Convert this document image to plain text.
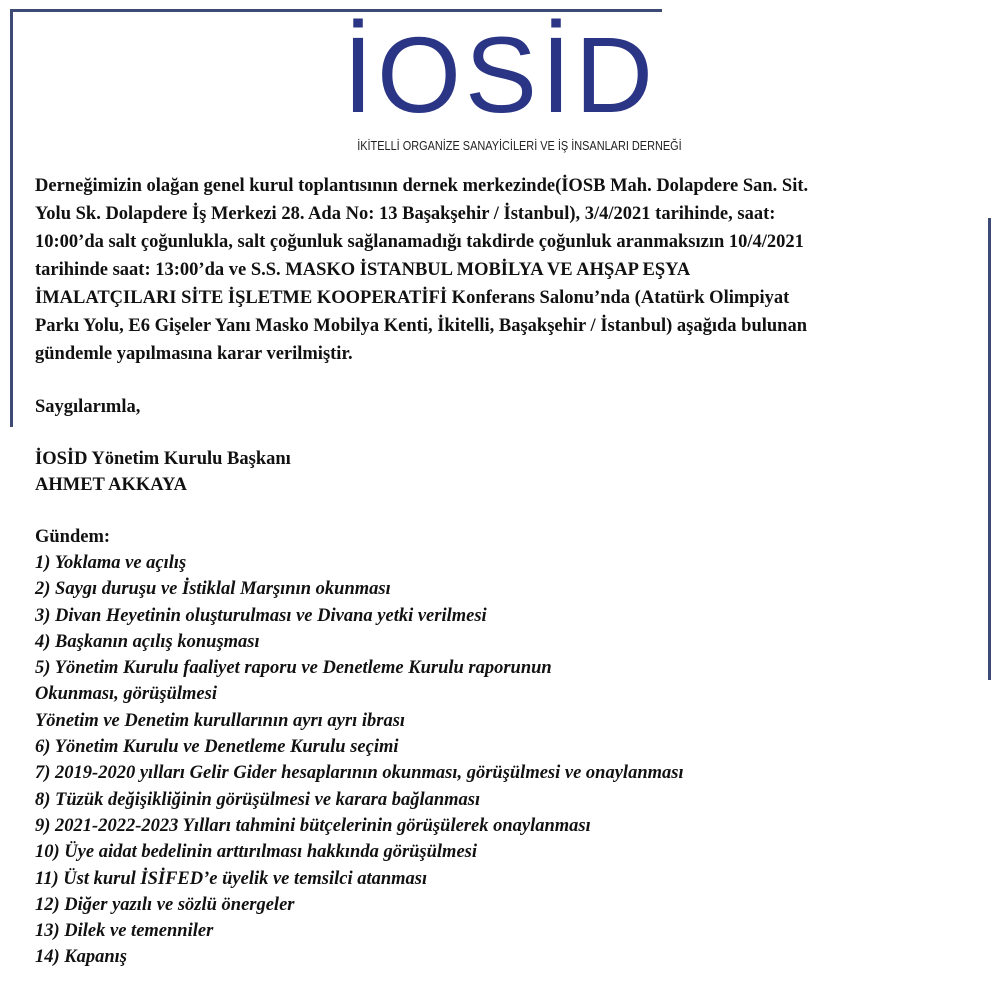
İOSİD
İKİTELLİ ORGANİZE SANAYİCİLERİ VE İŞ İNSANLARI DERNEĞİ

Derneğimizin olağan genel kurul toplantısının dernek merkezinde(İOSB Mah. Dolapdere San. Sit.
Yolu Sk. Dolapdere İş Merkezi 28. Ada No: 13 Başakşehir / İstanbul), 3/4/2021 tarihinde, saat:
10:00’da salt çoğunlukla, salt çoğunluk sağlanamadığı takdirde çoğunluk aranmaksızın 10/4/2021
tarihinde saat: 13:00’da ve S.S. MASKO İSTANBUL MOBİLYA VE AHŞAP EŞYA
İMALATÇILARI SİTE İŞLETME KOOPERATİFİ Konferans Salonu’nda (Atatürk Olimpiyat
Parkı Yolu, E6 Gişeler Yanı Masko Mobilya Kenti, İkitelli, Başakşehir / İstanbul) aşağıda bulunan
gündemle yapılmasına karar verilmiştir.

Saygılarımla,

İOSİD Yönetim Kurulu Başkanı

AHMET AKKAYA

Gündem:

1) Yoklama ve açılış
2) Saygı duruşu ve İstiklal Marşının okunması
3) Divan Heyetinin oluşturulması ve Divana yetki verilmesi
4) Başkanın açılış konuşması
5) Yönetim Kurulu faaliyet raporu ve Denetleme Kurulu raporunun
Okunması, görüşülmesi
Yönetim ve Denetim kurullarının ayrı ayrı ibrası
6) Yönetim Kurulu ve Denetleme Kurulu seçimi
7) 2019-2020 yılları Gelir Gider hesaplarının okunması, görüşülmesi ve onaylanması
8) Tüzük değişikliğinin görüşülmesi ve karara bağlanması
9) 2021-2022-2023 Yılları tahmini bütçelerinin görüşülerek onaylanması
10) Üye aidat bedelinin arttırılması hakkında görüşülmesi
11) Üst kurul İSİFED’e üyelik ve temsilci atanması
12) Diğer yazılı ve sözlü önergeler
13) Dilek ve temenniler
14) Kapanış
